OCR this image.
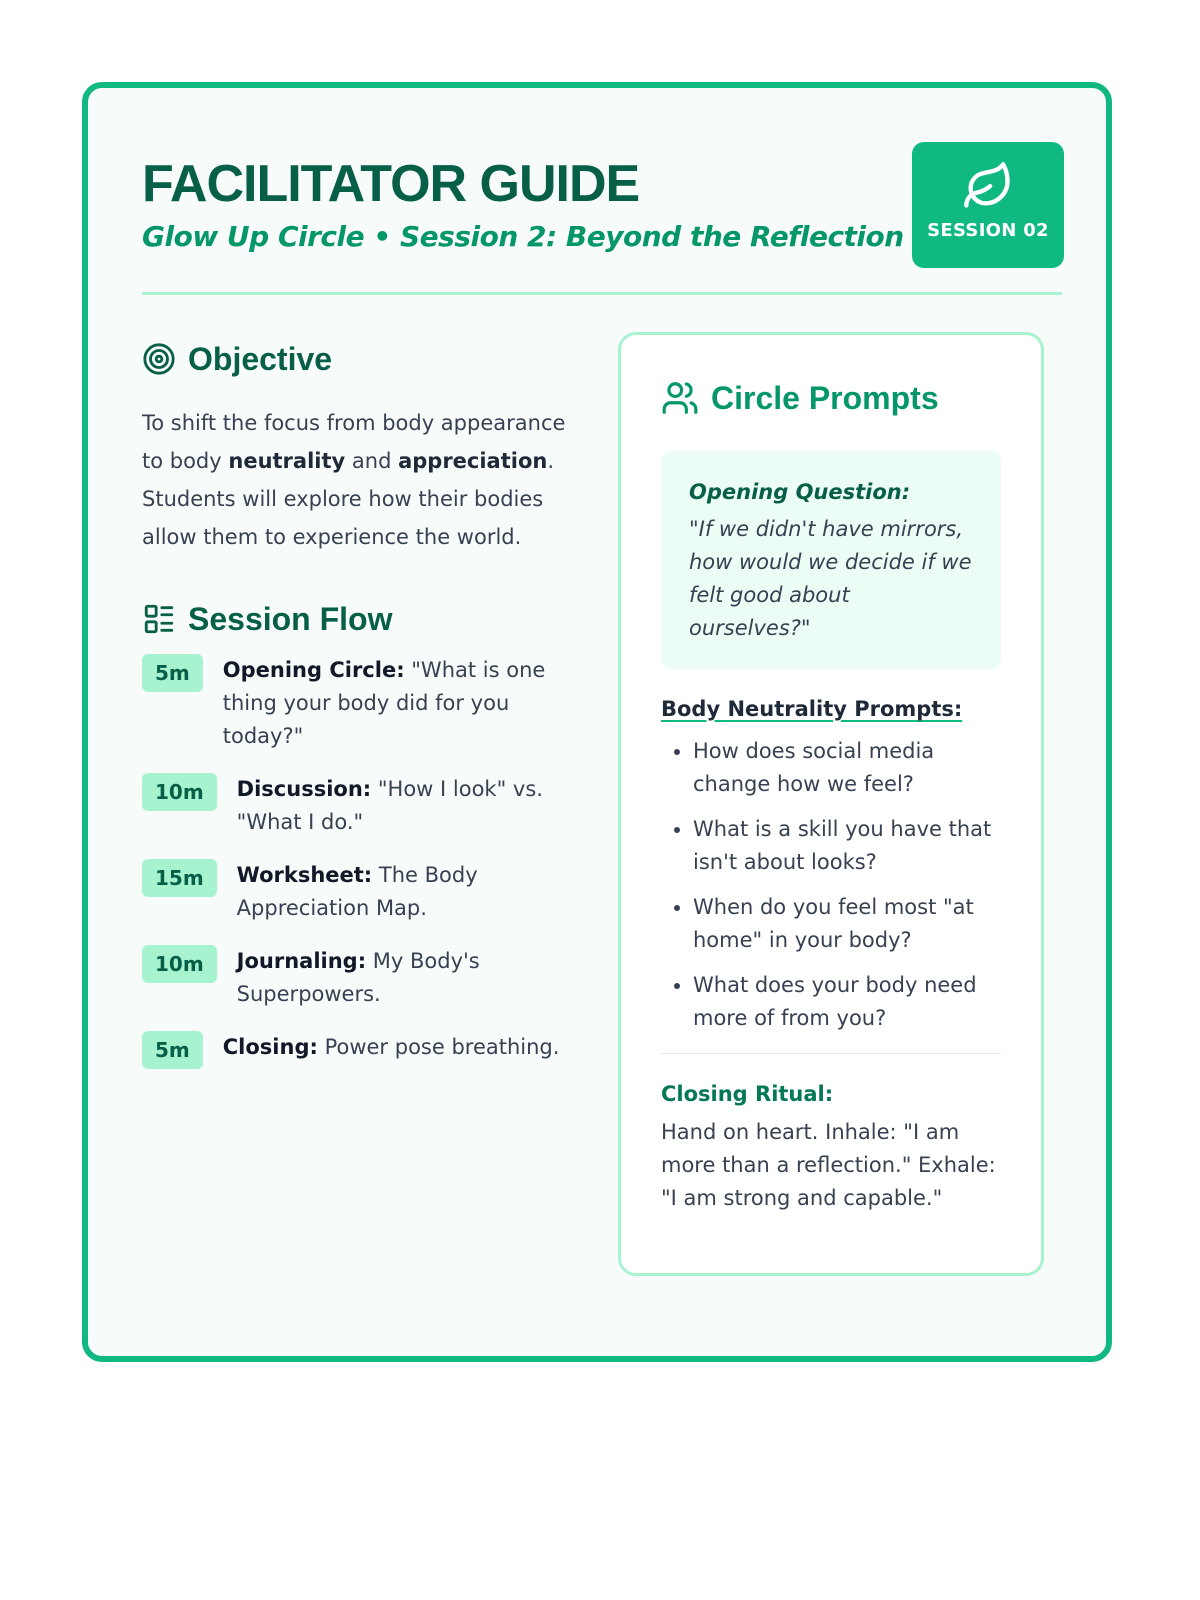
FACILITATOR GUIDE
Glow Up Circle • Session 2: Beyond the Reflection	SESSION 02
Objective
To shift the focus from body appearance to body neutrality and appreciation. Students will explore how their bodies allow them to experience the world.
Session Flow
5m	Opening Circle: "What is one thing your body did for you today?"
10m	Discussion: "How I look" vs. "What I do."
15m	Worksheet: The Body Appreciation Map.
10m	Journaling: My Body's Superpowers.
5m	Closing: Power pose breathing.
Circle Prompts
Opening Question:
"If we didn't have mirrors, how would we decide if we felt good about ourselves?"
Body Neutrality Prompts:
• How does social media change how we feel?
• What is a skill you have that isn't about looks?
• When do you feel most "at home" in your body?
• What does your body need more of from you?
Closing Ritual:
Hand on heart. Inhale: "I am more than a reflection." Exhale: "I am strong and capable."
